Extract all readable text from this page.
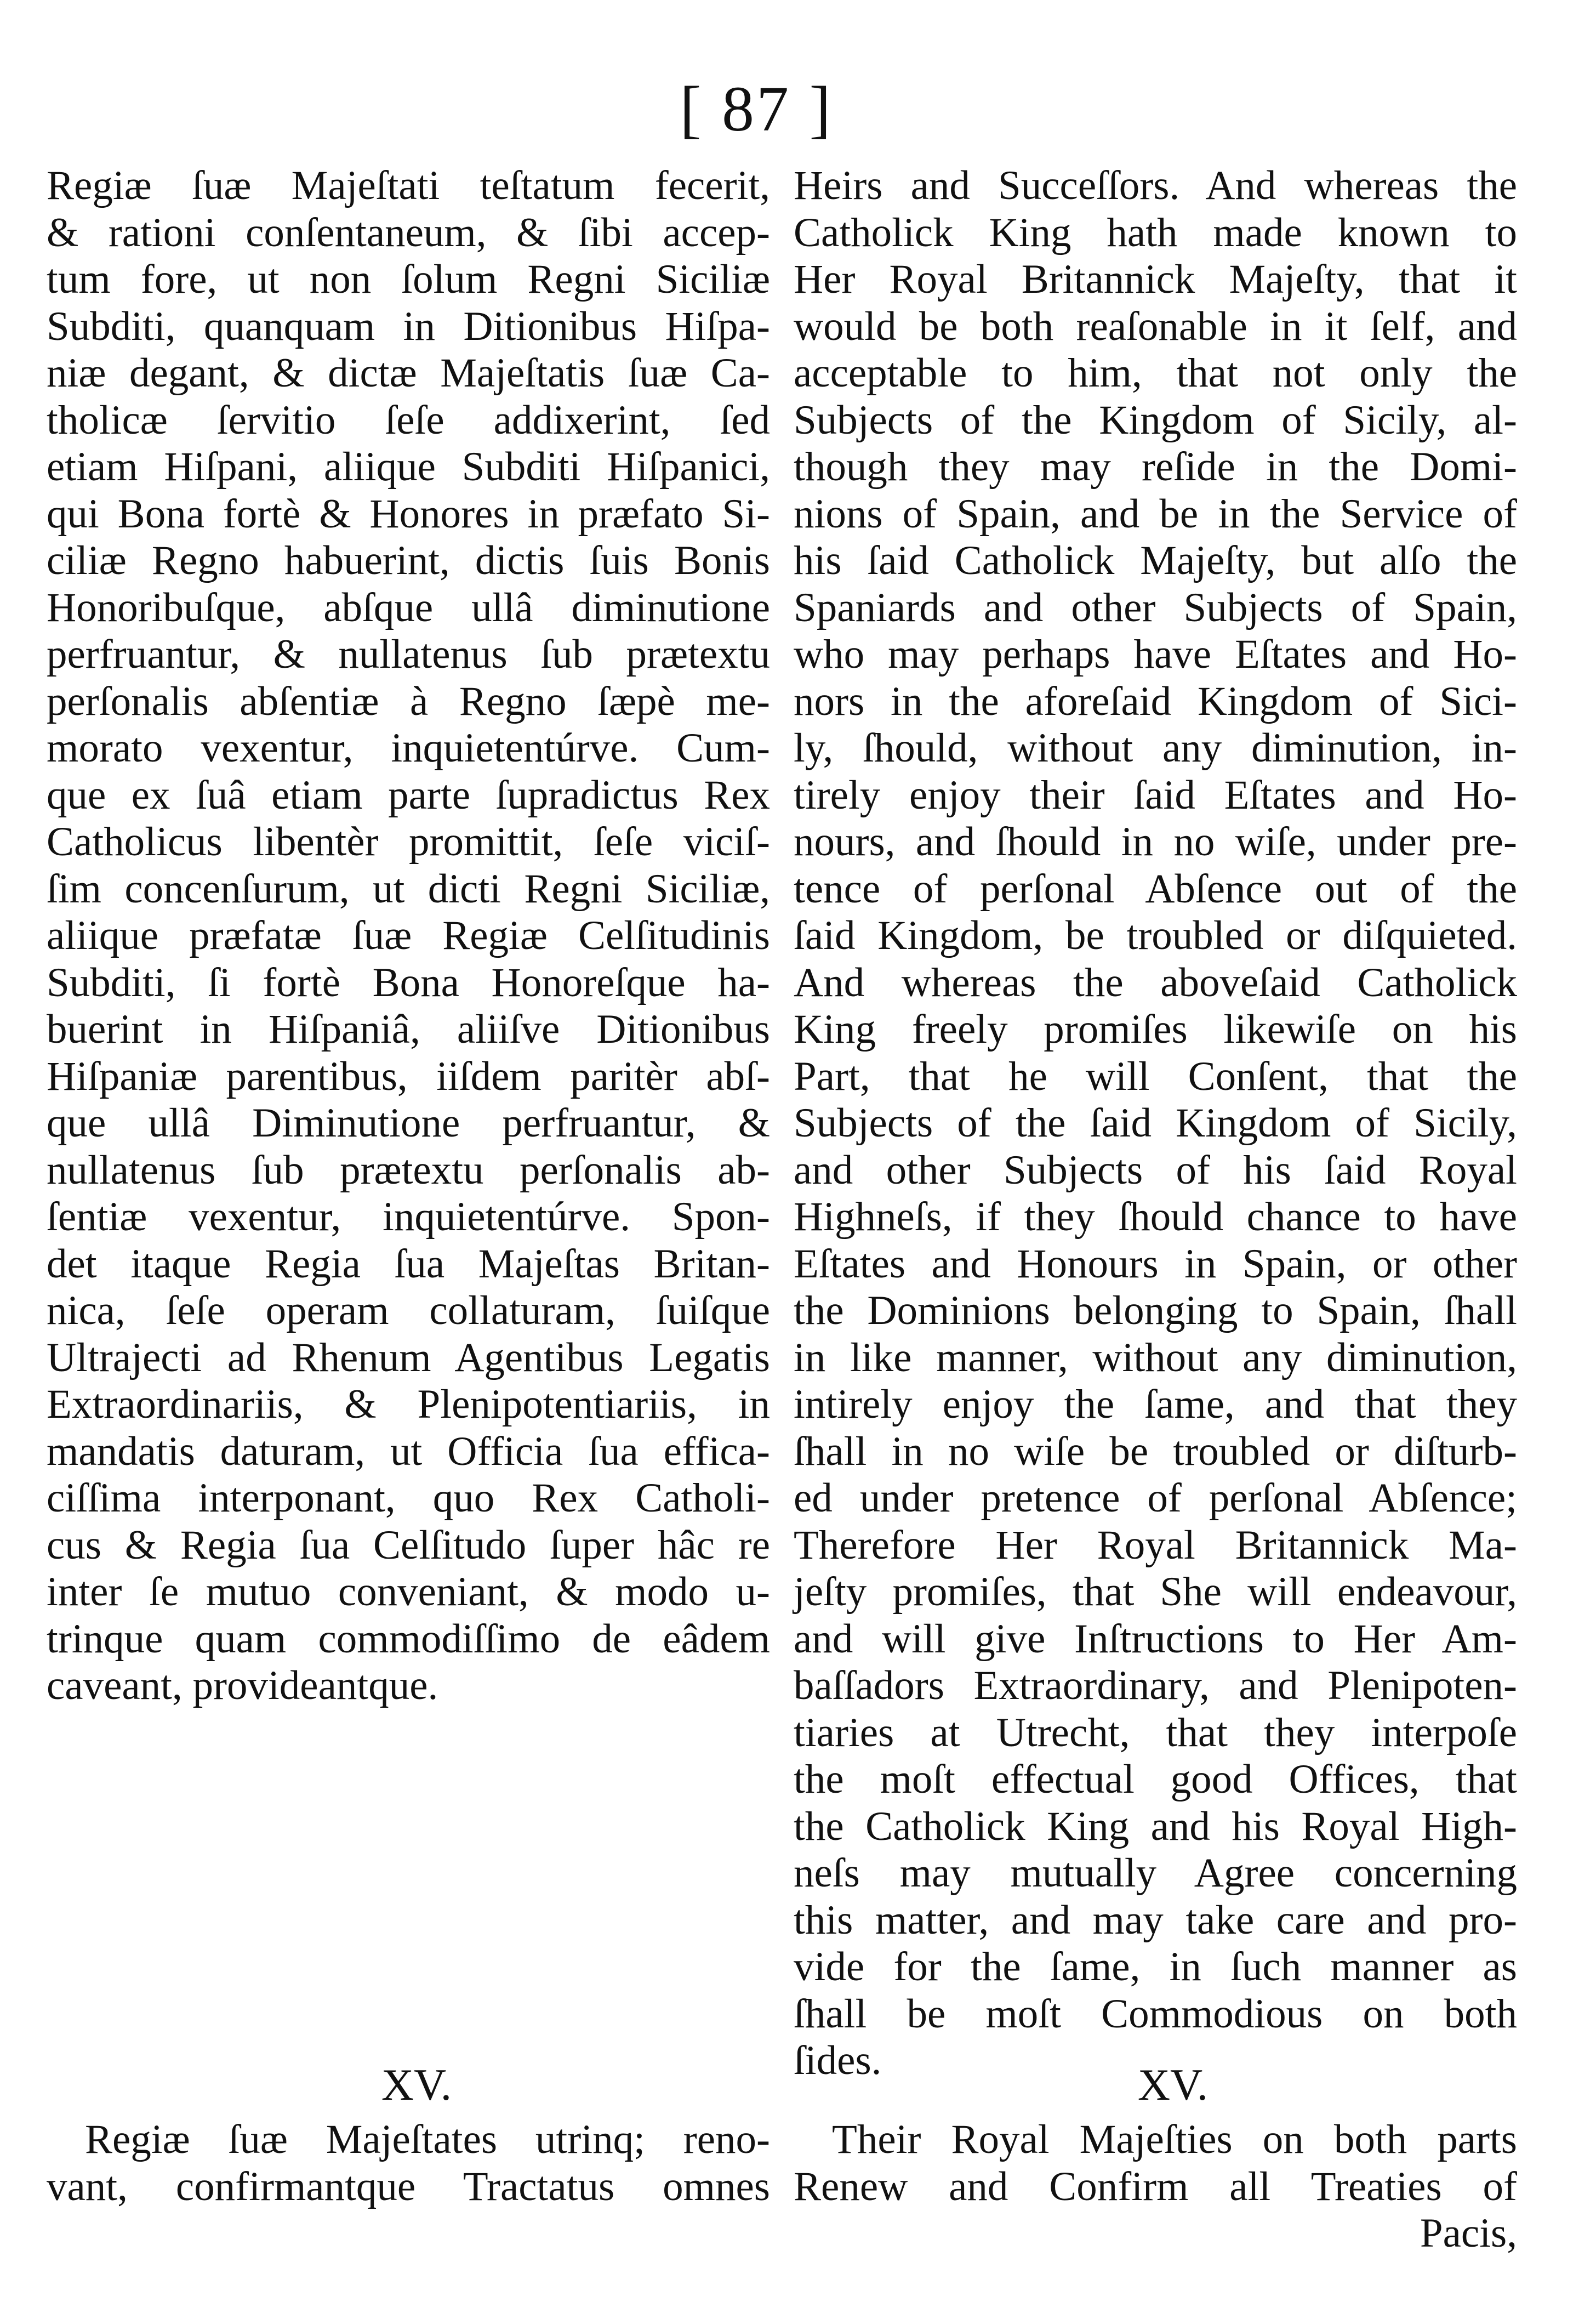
[ 87 ]
Regiæ ſuæ Majeſtati teſtatum fecerit,
& rationi conſentaneum, & ſibi accep-
tum fore, ut non ſolum Regni Siciliæ
Subditi, quanquam in Ditionibus Hiſpa-
niæ degant, & dictæ Majeſtatis ſuæ Ca-
tholicæ ſervitio ſeſe addixerint, ſed
etiam Hiſpani, aliique Subditi Hiſpanici,
qui Bona fortè & Honores in præfato Si-
ciliæ Regno habuerint, dictis ſuis Bonis
Honoribuſque, abſque ullâ diminutione
perfruantur, & nullatenus ſub prætextu
perſonalis abſentiæ à Regno ſæpè me-
morato vexentur, inquietentúrve. Cum-
que ex ſuâ etiam parte ſupradictus Rex
Catholicus libentèr promittit, ſeſe viciſ-
ſim concenſurum, ut dicti Regni Siciliæ,
aliique præfatæ ſuæ Regiæ Celſitudinis
Subditi, ſi fortè Bona Honoreſque ha-
buerint in Hiſpaniâ, aliiſve Ditionibus
Hiſpaniæ parentibus, iiſdem paritèr abſ-
que ullâ Diminutione perfruantur, &
nullatenus ſub prætextu perſonalis ab-
ſentiæ vexentur, inquietentúrve. Spon-
det itaque Regia ſua Majeſtas Britan-
nica, ſeſe operam collaturam, ſuiſque
Ultrajecti ad Rhenum Agentibus Legatis
Extraordinariis, & Plenipotentiariis, in
mandatis daturam, ut Officia ſua effica-
ciſſima interponant, quo Rex Catholi-
cus & Regia ſua Celſitudo ſuper hâc re
inter ſe mutuo conveniant, & modo u-
trinque quam commodiſſimo de eâdem
caveant, provideantque.
Heirs and Succeſſors. And whereas the
Catholick King hath made known to
Her Royal Britannick Majeſty, that it
would be both reaſonable in it ſelf, and
acceptable to him, that not only the
Subjects of the Kingdom of Sicily, al-
though they may reſide in the Domi-
nions of Spain, and be in the Service of
his ſaid Catholick Majeſty, but alſo the
Spaniards and other Subjects of Spain,
who may perhaps have Eſtates and Ho-
nors in the aforeſaid Kingdom of Sici-
ly, ſhould, without any diminution, in-
tirely enjoy their ſaid Eſtates and Ho-
nours, and ſhould in no wiſe, under pre-
tence of perſonal Abſence out of the
ſaid Kingdom, be troubled or diſquieted.
And whereas the aboveſaid Catholick
King freely promiſes likewiſe on his
Part, that he will Conſent, that the
Subjects of the ſaid Kingdom of Sicily,
and other Subjects of his ſaid Royal
Highneſs, if they ſhould chance to have
Eſtates and Honours in Spain, or other
the Dominions belonging to Spain, ſhall
in like manner, without any diminution,
intirely enjoy the ſame, and that they
ſhall in no wiſe be troubled or diſturb-
ed under pretence of perſonal Abſence;
Therefore Her Royal Britannick Ma-
jeſty promiſes, that She will endeavour,
and will give Inſtructions to Her Am-
baſſadors Extraordinary, and Plenipoten-
tiaries at Utrecht, that they interpoſe
the moſt effectual good Offices, that
the Catholick King and his Royal High-
neſs may mutually Agree concerning
this matter, and may take care and pro-
vide for the ſame, in ſuch manner as
ſhall be moſt Commodious on both
ſides.
XV.	XV.
Regiæ ſuæ Majeſtates utrinq; reno-
vant, confirmantque Tractatus omnes
Their Royal Majeſties on both parts
Renew and Confirm all Treaties of
Pacis,
